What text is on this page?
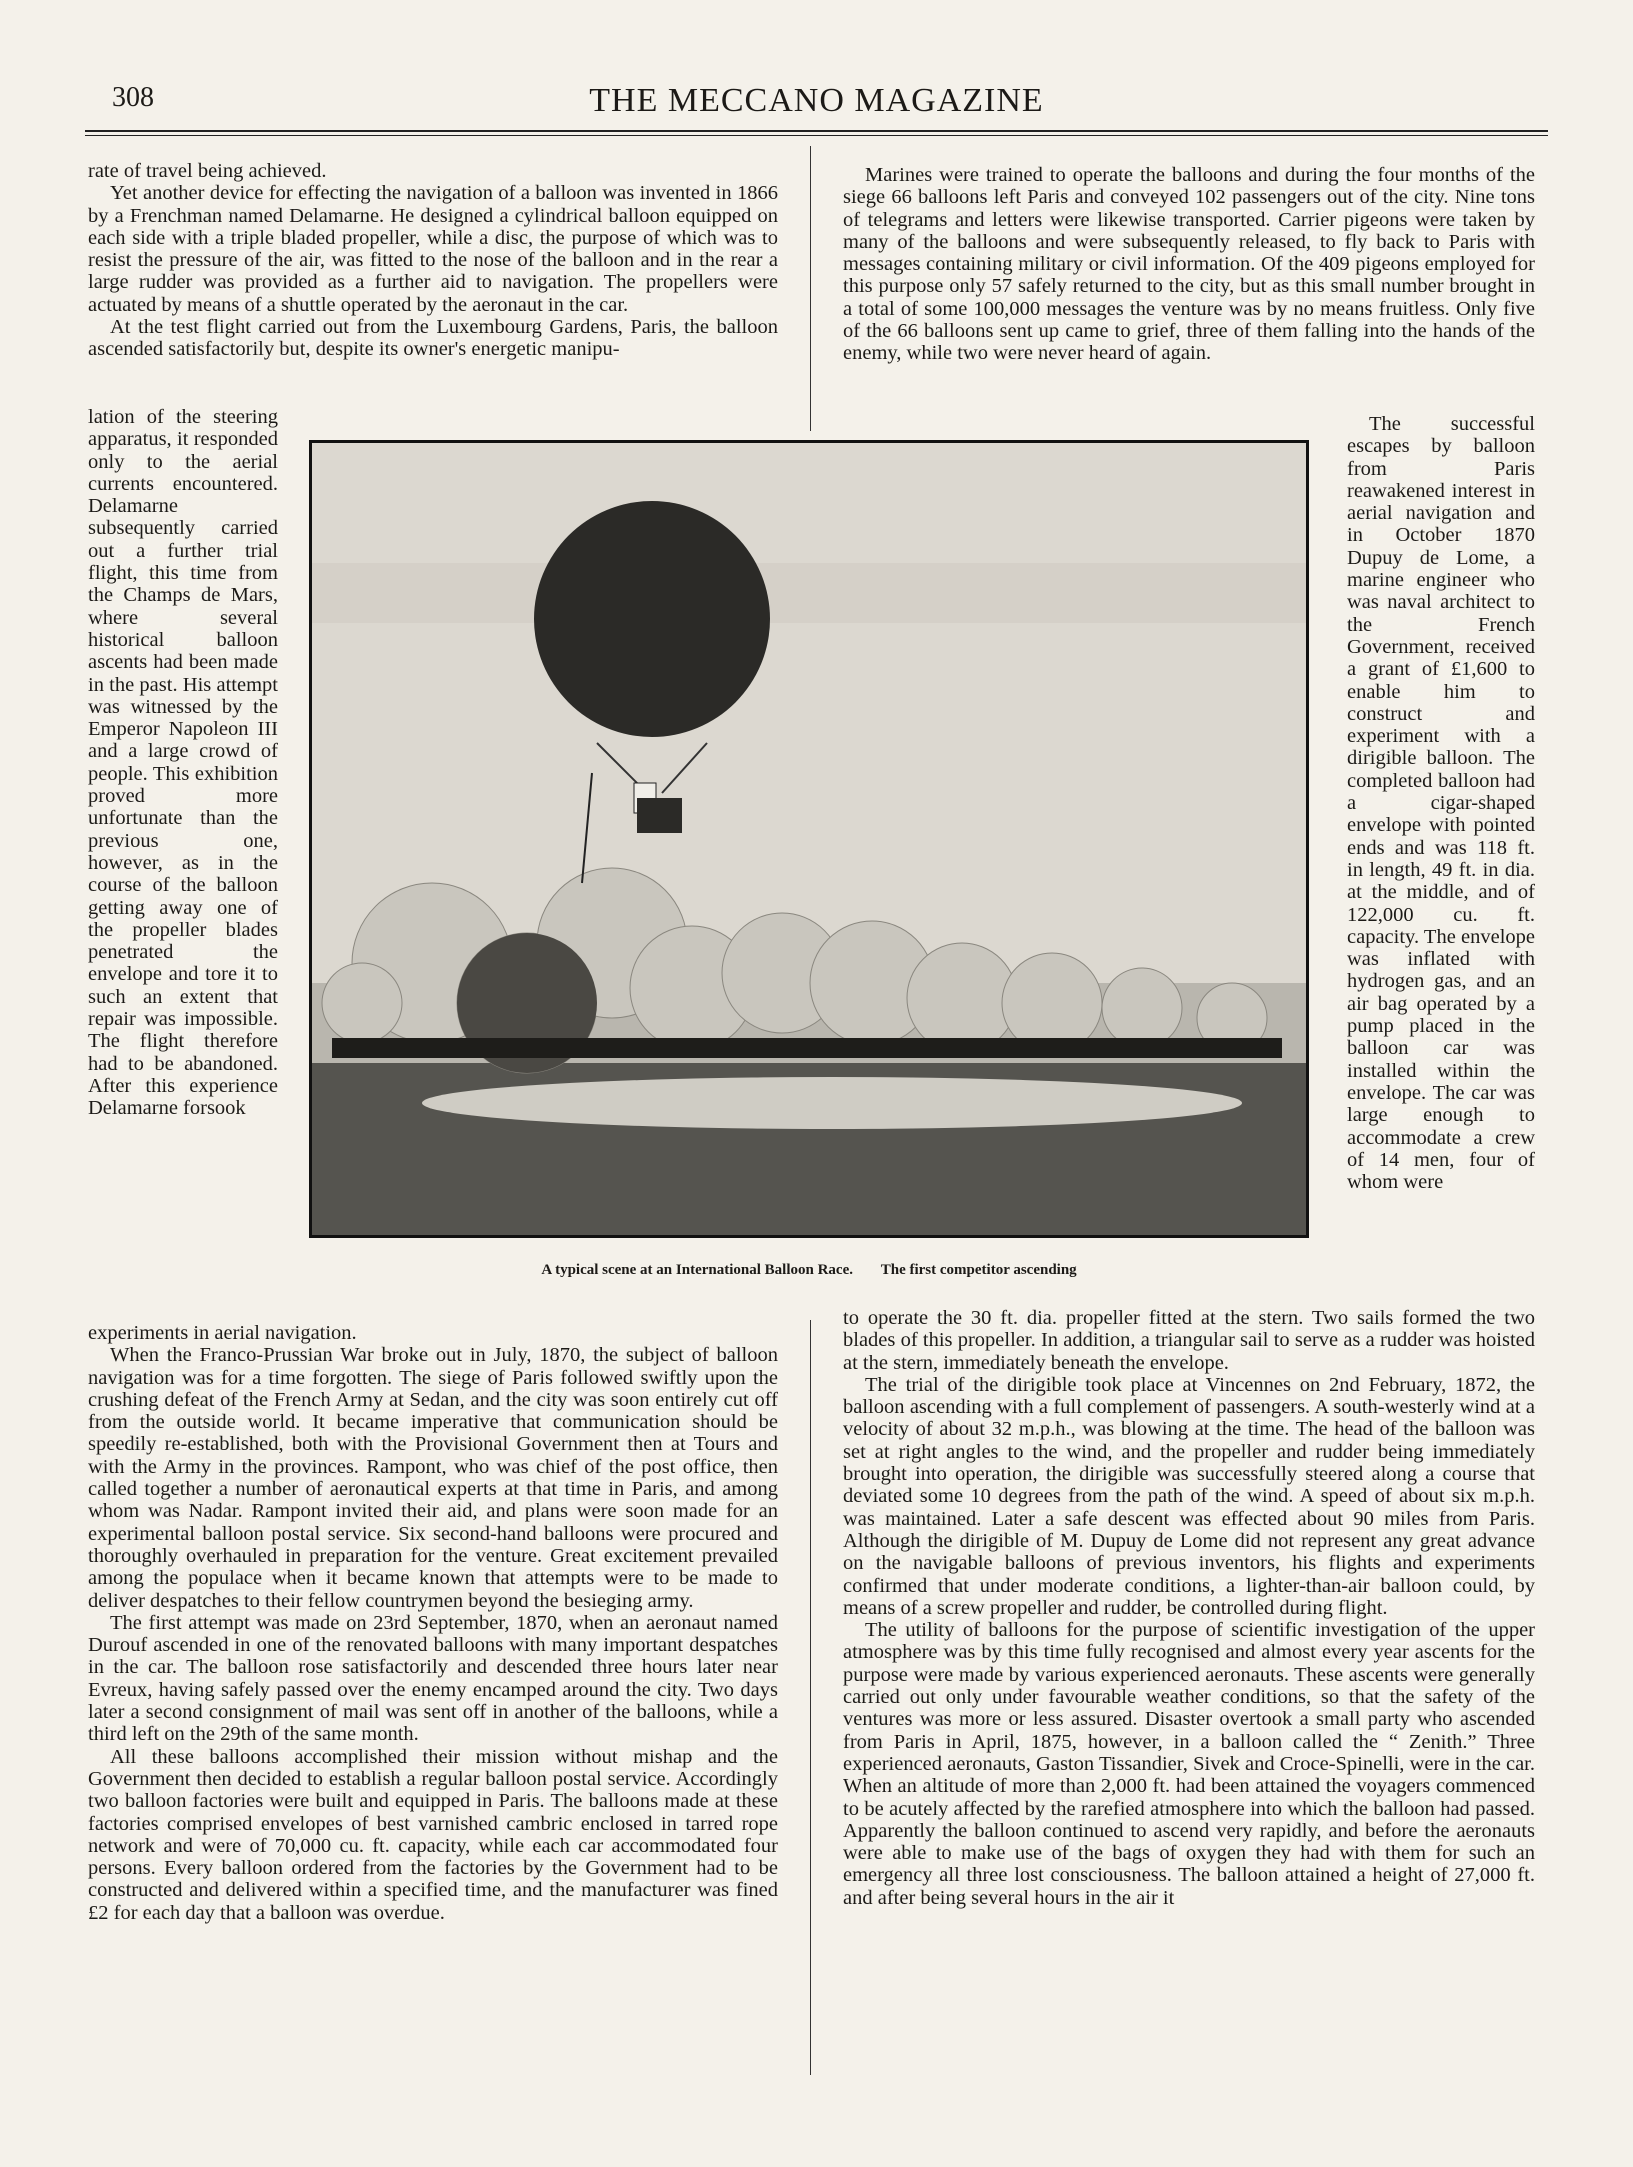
308	THE MECCANO MAGAZINE

rate of travel being achieved.

Yet another device for effecting the navigation of a balloon was invented in 1866 by a Frenchman named Delamarne. He designed a cylindrical balloon equipped on each side with a triple bladed propeller, while a disc, the purpose of which was to resist the pressure of the air, was fitted to the nose of the balloon and in the rear a large rudder was provided as a further aid to navigation. The propellers were actuated by means of a shuttle operated by the aeronaut in the car.

At the test flight carried out from the Luxembourg Gardens, Paris, the balloon ascended satisfactorily but, despite its owner's energetic manipu-

Marines were trained to operate the balloons and during the four months of the siege 66 balloons left Paris and conveyed 102 passengers out of the city. Nine tons of telegrams and letters were likewise transported. Carrier pigeons were taken by many of the balloons and were subsequently released, to fly back to Paris with messages containing military or civil information. Of the 409 pigeons employed for this purpose only 57 safely returned to the city, but as this small number brought in a total of some 100,000 messages the venture was by no means fruitless. Only five of the 66 balloons sent up came to grief, three of them falling into the hands of the enemy, while two were never heard of again.

lation of the steering apparatus, it responded only to the aerial currents encountered. Delamarne subsequently carried out a further trial flight, this time from the Champs de Mars, where several historical balloon ascents had been made in the past. His attempt was witnessed by the Emperor Napoleon III and a large crowd of people. This exhibition proved more unfortunate than the previous one, however, as in the course of the balloon getting away one of the propeller blades penetrated the envelope and tore it to such an extent that repair was impossible. The flight therefore had to be abandoned. After this experience Delamarne forsook

The successful escapes by balloon from Paris reawakened interest in aerial navigation and in October 1870 Dupuy de Lome, a marine engineer who was naval architect to the French Government, received a grant of £1,600 to enable him to construct and experiment with a dirigible balloon. The completed balloon had a cigar-shaped envelope with pointed ends and was 118 ft. in length, 49 ft. in dia. at the middle, and of 122,000 cu. ft. capacity. The envelope was inflated with hydrogen gas, and an air bag operated by a pump placed in the balloon car was installed within the envelope. The car was large enough to accommodate a crew of 14 men, four of whom were

A typical scene at an International Balloon Race. The first competitor ascending

experiments in aerial navigation.

When the Franco-Prussian War broke out in July, 1870, the subject of balloon navigation was for a time forgotten. The siege of Paris followed swiftly upon the crushing defeat of the French Army at Sedan, and the city was soon entirely cut off from the outside world. It became imperative that communication should be speedily re-established, both with the Provisional Government then at Tours and with the Army in the provinces. Rampont, who was chief of the post office, then called together a number of aeronautical experts at that time in Paris, and among whom was Nadar. Rampont invited their aid, and plans were soon made for an experimental balloon postal service. Six second-hand balloons were procured and thoroughly overhauled in preparation for the venture. Great excitement prevailed among the populace when it became known that attempts were to be made to deliver despatches to their fellow countrymen beyond the besieging army.

The first attempt was made on 23rd September, 1870, when an aeronaut named Durouf ascended in one of the renovated balloons with many important despatches in the car. The balloon rose satisfactorily and descended three hours later near Evreux, having safely passed over the enemy encamped around the city. Two days later a second consignment of mail was sent off in another of the balloons, while a third left on the 29th of the same month.

All these balloons accomplished their mission without mishap and the Government then decided to establish a regular balloon postal service. Accordingly two balloon factories were built and equipped in Paris. The balloons made at these factories comprised envelopes of best varnished cambric enclosed in tarred rope network and were of 70,000 cu. ft. capacity, while each car accommodated four persons. Every balloon ordered from the factories by the Government had to be constructed and delivered within a specified time, and the manufacturer was fined £2 for each day that a balloon was overdue.

to operate the 30 ft. dia. propeller fitted at the stern. Two sails formed the two blades of this propeller. In addition, a triangular sail to serve as a rudder was hoisted at the stern, immediately beneath the envelope.

The trial of the dirigible took place at Vincennes on 2nd February, 1872, the balloon ascending with a full complement of passengers. A south-westerly wind at a velocity of about 32 m.p.h., was blowing at the time. The head of the balloon was set at right angles to the wind, and the propeller and rudder being immediately brought into operation, the dirigible was successfully steered along a course that deviated some 10 degrees from the path of the wind. A speed of about six m.p.h. was maintained. Later a safe descent was effected about 90 miles from Paris. Although the dirigible of M. Dupuy de Lome did not represent any great advance on the navigable balloons of previous inventors, his flights and experiments confirmed that under moderate conditions, a lighter-than-air balloon could, by means of a screw propeller and rudder, be controlled during flight.

The utility of balloons for the purpose of scientific investigation of the upper atmosphere was by this time fully recognised and almost every year ascents for the purpose were made by various experienced aeronauts. These ascents were generally carried out only under favourable weather conditions, so that the safety of the ventures was more or less assured. Disaster overtook a small party who ascended from Paris in April, 1875, however, in a balloon called the “ Zenith.” Three experienced aeronauts, Gaston Tissandier, Sivek and Croce-Spinelli, were in the car. When an altitude of more than 2,000 ft. had been attained the voyagers commenced to be acutely affected by the rarefied atmosphere into which the balloon had passed. Apparently the balloon continued to ascend very rapidly, and before the aeronauts were able to make use of the bags of oxygen they had with them for such an emergency all three lost consciousness. The balloon attained a height of 27,000 ft. and after being several hours in the air it
